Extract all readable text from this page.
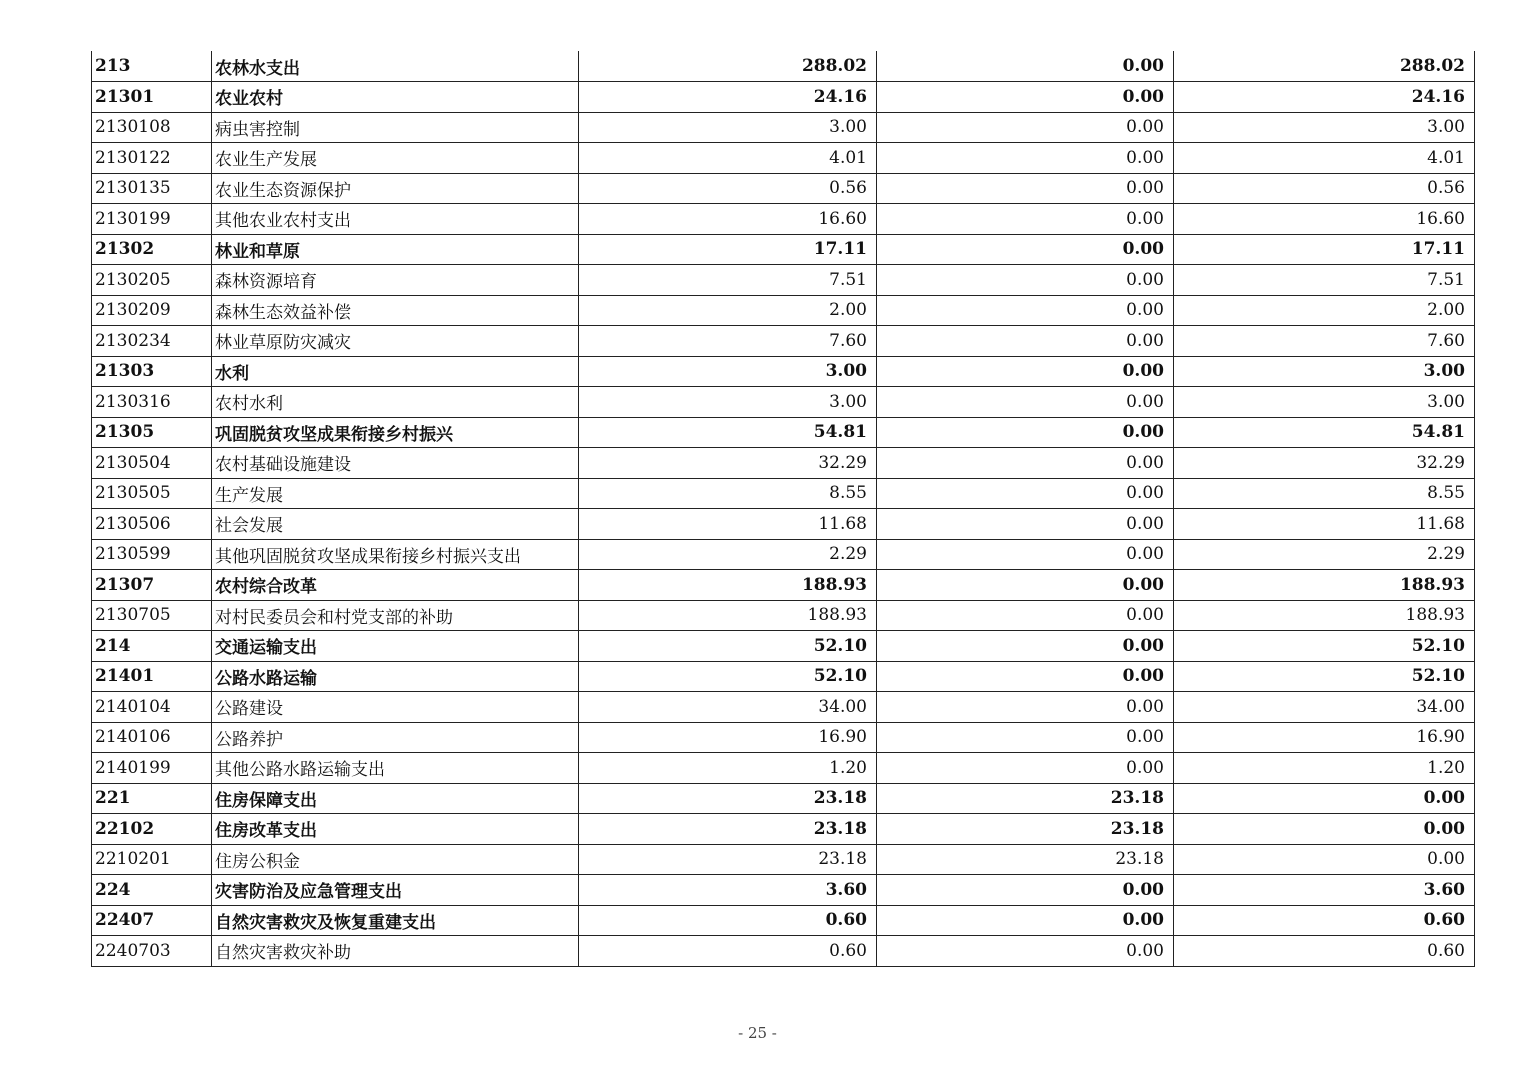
213	农林水支出	288.02	0.00	288.02
21301	农业农村	24.16	0.00	24.16
2130108	病虫害控制	3.00	0.00	3.00
2130122	农业生产发展	4.01	0.00	4.01
2130135	农业生态资源保护	0.56	0.00	0.56
2130199	其他农业农村支出	16.60	0.00	16.60
21302	林业和草原	17.11	0.00	17.11
2130205	森林资源培育	7.51	0.00	7.51
2130209	森林生态效益补偿	2.00	0.00	2.00
2130234	林业草原防灾减灾	7.60	0.00	7.60
21303	水利	3.00	0.00	3.00
2130316	农村水利	3.00	0.00	3.00
21305	巩固脱贫攻坚成果衔接乡村振兴	54.81	0.00	54.81
2130504	农村基础设施建设	32.29	0.00	32.29
2130505	生产发展	8.55	0.00	8.55
2130506	社会发展	11.68	0.00	11.68
2130599	其他巩固脱贫攻坚成果衔接乡村振兴支出	2.29	0.00	2.29
21307	农村综合改革	188.93	0.00	188.93
2130705	对村民委员会和村党支部的补助	188.93	0.00	188.93
214	交通运输支出	52.10	0.00	52.10
21401	公路水路运输	52.10	0.00	52.10
2140104	公路建设	34.00	0.00	34.00
2140106	公路养护	16.90	0.00	16.90
2140199	其他公路水路运输支出	1.20	0.00	1.20
221	住房保障支出	23.18	23.18	0.00
22102	住房改革支出	23.18	23.18	0.00
2210201	住房公积金	23.18	23.18	0.00
224	灾害防治及应急管理支出	3.60	0.00	3.60
22407	自然灾害救灾及恢复重建支出	0.60	0.00	0.60
2240703	自然灾害救灾补助	0.60	0.00	0.60
- 25 -
